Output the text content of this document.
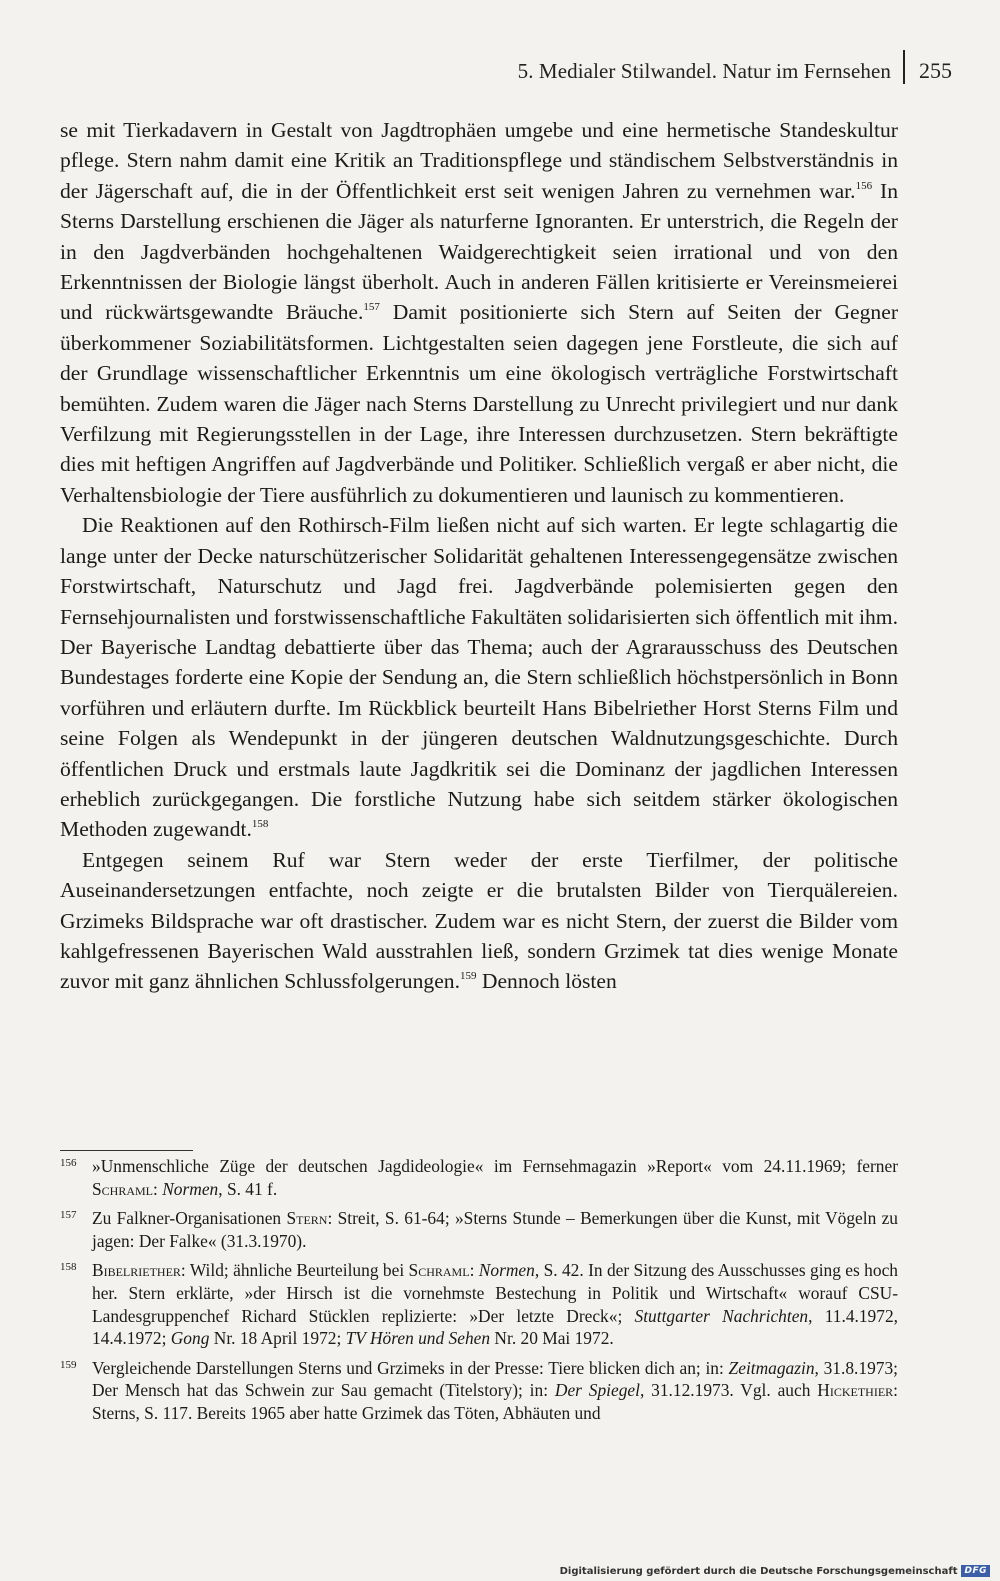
5. Medialer Stilwandel. Natur im Fernsehen 255

se mit Tierkadavern in Gestalt von Jagdtrophäen umgebe und eine hermetische Standeskultur pflege. Stern nahm damit eine Kritik an Traditionspflege und ständischem Selbstverständnis in der Jägerschaft auf, die in der Öffentlichkeit erst seit wenigen Jahren zu vernehmen war.$^{156}$ In Sterns Darstellung erschienen die Jäger als naturferne Ignoranten. Er unterstrich, die Regeln der in den Jagdverbänden hochgehaltenen Waidgerechtigkeit seien irrational und von den Erkenntnissen der Biologie längst überholt. Auch in anderen Fällen kritisierte er Vereinsmeierei und rückwärtsgewandte Bräuche.$^{157}$ Damit positionierte sich Stern auf Seiten der Gegner überkommener Soziabilitätsformen. Lichtgestalten seien dagegen jene Forstleute, die sich auf der Grundlage wissenschaftlicher Erkenntnis um eine ökologisch verträgliche Forstwirtschaft bemühten. Zudem waren die Jäger nach Sterns Darstellung zu Unrecht privilegiert und nur dank Verfilzung mit Regierungsstellen in der Lage, ihre Interessen durchzusetzen. Stern bekräftigte dies mit heftigen Angriffen auf Jagdverbände und Politiker. Schließlich vergaß er aber nicht, die Verhaltensbiologie der Tiere ausführlich zu dokumentieren und launisch zu kommentieren.

Die Reaktionen auf den Rothirsch-Film ließen nicht auf sich warten. Er legte schlagartig die lange unter der Decke naturschützerischer Solidarität gehaltenen Interessengegensätze zwischen Forstwirtschaft, Naturschutz und Jagd frei. Jagdverbände polemisierten gegen den Fernsehjournalisten und forstwissenschaftliche Fakultäten solidarisierten sich öffentlich mit ihm. Der Bayerische Landtag debattierte über das Thema; auch der Agrarausschuss des Deutschen Bundestages forderte eine Kopie der Sendung an, die Stern schließlich höchstpersönlich in Bonn vorführen und erläutern durfte. Im Rückblick beurteilt Hans Bibelriether Horst Sterns Film und seine Folgen als Wendepunkt in der jüngeren deutschen Waldnutzungsgeschichte. Durch öffentlichen Druck und erstmals laute Jagdkritik sei die Dominanz der jagdlichen Interessen erheblich zurückgegangen. Die forstliche Nutzung habe sich seitdem stärker ökologischen Methoden zugewandt.$^{158}$

Entgegen seinem Ruf war Stern weder der erste Tierfilmer, der politische Auseinandersetzungen entfachte, noch zeigte er die brutalsten Bilder von Tierquälereien. Grzimeks Bildsprache war oft drastischer. Zudem war es nicht Stern, der zuerst die Bilder vom kahlgefressenen Bayerischen Wald ausstrahlen ließ, sondern Grzimek tat dies wenige Monate zuvor mit ganz ähnlichen Schlussfolgerungen.$^{159}$ Dennoch lösten

156 »Unmenschliche Züge der deutschen Jagdideologie« im Fernsehmagazin »Report« vom 24.11.1969; ferner Schraml: Normen, S. 41 f.
157 Zu Falkner-Organisationen Stern: Streit, S. 61-64; »Sterns Stunde – Bemerkungen über die Kunst, mit Vögeln zu jagen: Der Falke« (31.3.1970).
158 Bibelriether: Wild; ähnliche Beurteilung bei Schraml: Normen, S. 42. In der Sitzung des Ausschusses ging es hoch her. Stern erklärte, »der Hirsch ist die vornehmste Bestechung in Politik und Wirtschaft« worauf CSU-Landesgruppenchef Richard Stücklen replizierte: »Der letzte Dreck«; Stuttgarter Nachrichten, 11.4.1972, 14.4.1972; Gong Nr. 18 April 1972; TV Hören und Sehen Nr. 20 Mai 1972.
159 Vergleichende Darstellungen Sterns und Grzimeks in der Presse: Tiere blicken dich an; in: Zeitmagazin, 31.8.1973; Der Mensch hat das Schwein zur Sau gemacht (Titelstory); in: Der Spiegel, 31.12.1973. Vgl. auch Hickethier: Sterns, S. 117. Bereits 1965 aber hatte Grzimek das Töten, Abhäuten und
Digitalisierung gefördert durch die Deutsche Forschungsgemeinschaft DFG
